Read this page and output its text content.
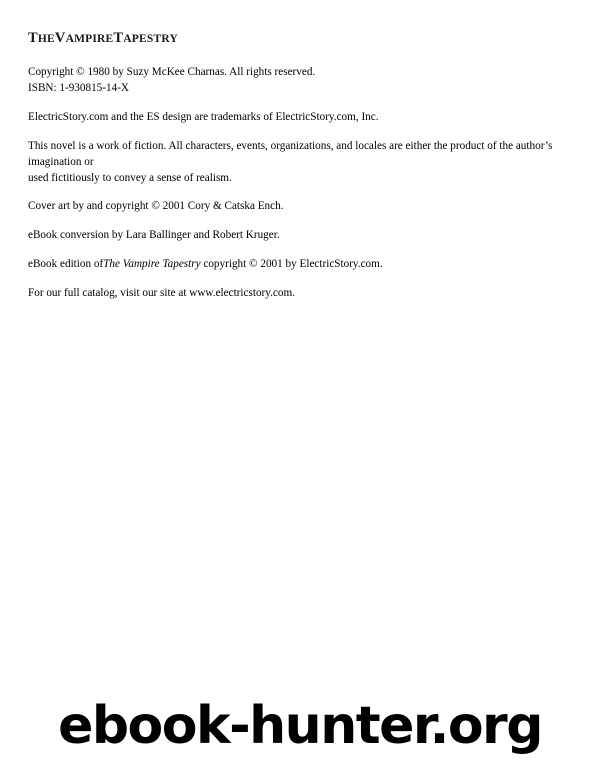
THEVAMPIRETAPESTRY

Copyright © 1980 by Suzy McKee Charnas. All rights reserved.
ISBN: 1-930815-14-X

ElectricStory.com and the ES design are trademarks of ElectricStory.com, Inc.

This novel is a work of fiction. All characters, events, organizations, and locales are either the product of the author’s imagination or
used fictitiously to convey a sense of realism.

Cover art by and copyright © 2001 Cory & Catska Ench.

eBook conversion by Lara Ballinger and Robert Kruger.

eBook edition ofThe Vampire Tapestry copyright © 2001 by ElectricStory.com.

For our full catalog, visit our site at www.electricstory.com.

ebook-hunter.org
